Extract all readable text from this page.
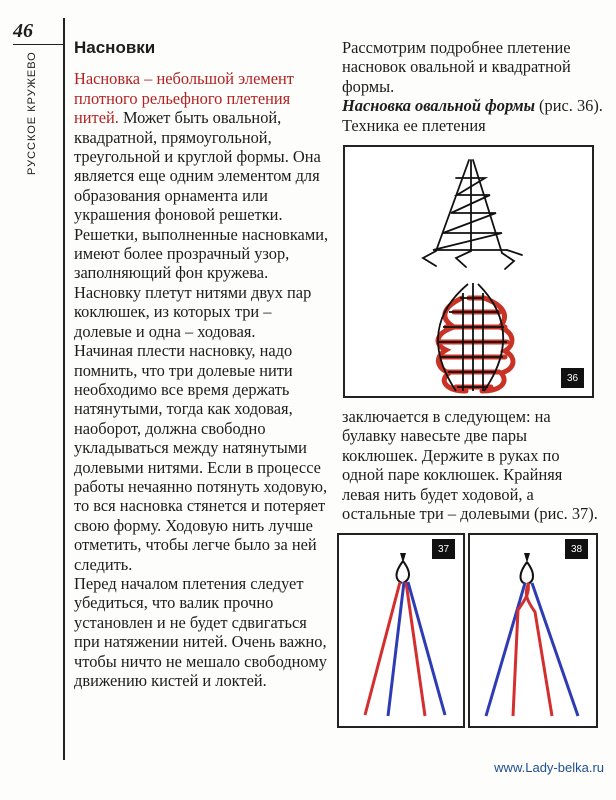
46
РУССКОЕ КРУЖЕВО
Насновки

Насновка – небольшой элемент плотного рельефного плетения нитей. Может быть овальной, квадратной, прямоугольной, треугольной и круглой формы. Она является еще одним элементом для образования орнамента или украшения фоновой решетки. Решетки, выполненные насновками, имеют более прозрачный узор, заполняющий фон кружева.

Насновку плетут нитями двух пар коклюшек, из которых три – долевые и одна – ходовая.

Начиная плести насновку, надо помнить, что три долевые нити необходимо все время держать натянутыми, тогда как ходовая, наоборот, должна свободно укладываться между натянутыми долевыми нитями. Если в процессе работы нечаянно потянуть ходовую, то вся насновка стянется и потеряет свою форму. Ходовую нить лучше отметить, чтобы легче было за ней следить.

Перед началом плетения следует убедиться, что валик прочно установлен и не будет сдвигаться при натяжении нитей. Очень важно, чтобы ничто не мешало свободному движению кистей и локтей.

Рассмотрим подробнее плетение насновок овальной и квадратной формы.
Насновка овальной формы (рис. 36). Техника ее плетения
36
заключается в следующем: на булавку навесьте две пары коклюшек. Держите в руках по одной паре коклюшек. Крайняя левая нить будет ходовой, а остальные три – долевыми (рис. 37).
37	38
www.Lady-belka.ru
